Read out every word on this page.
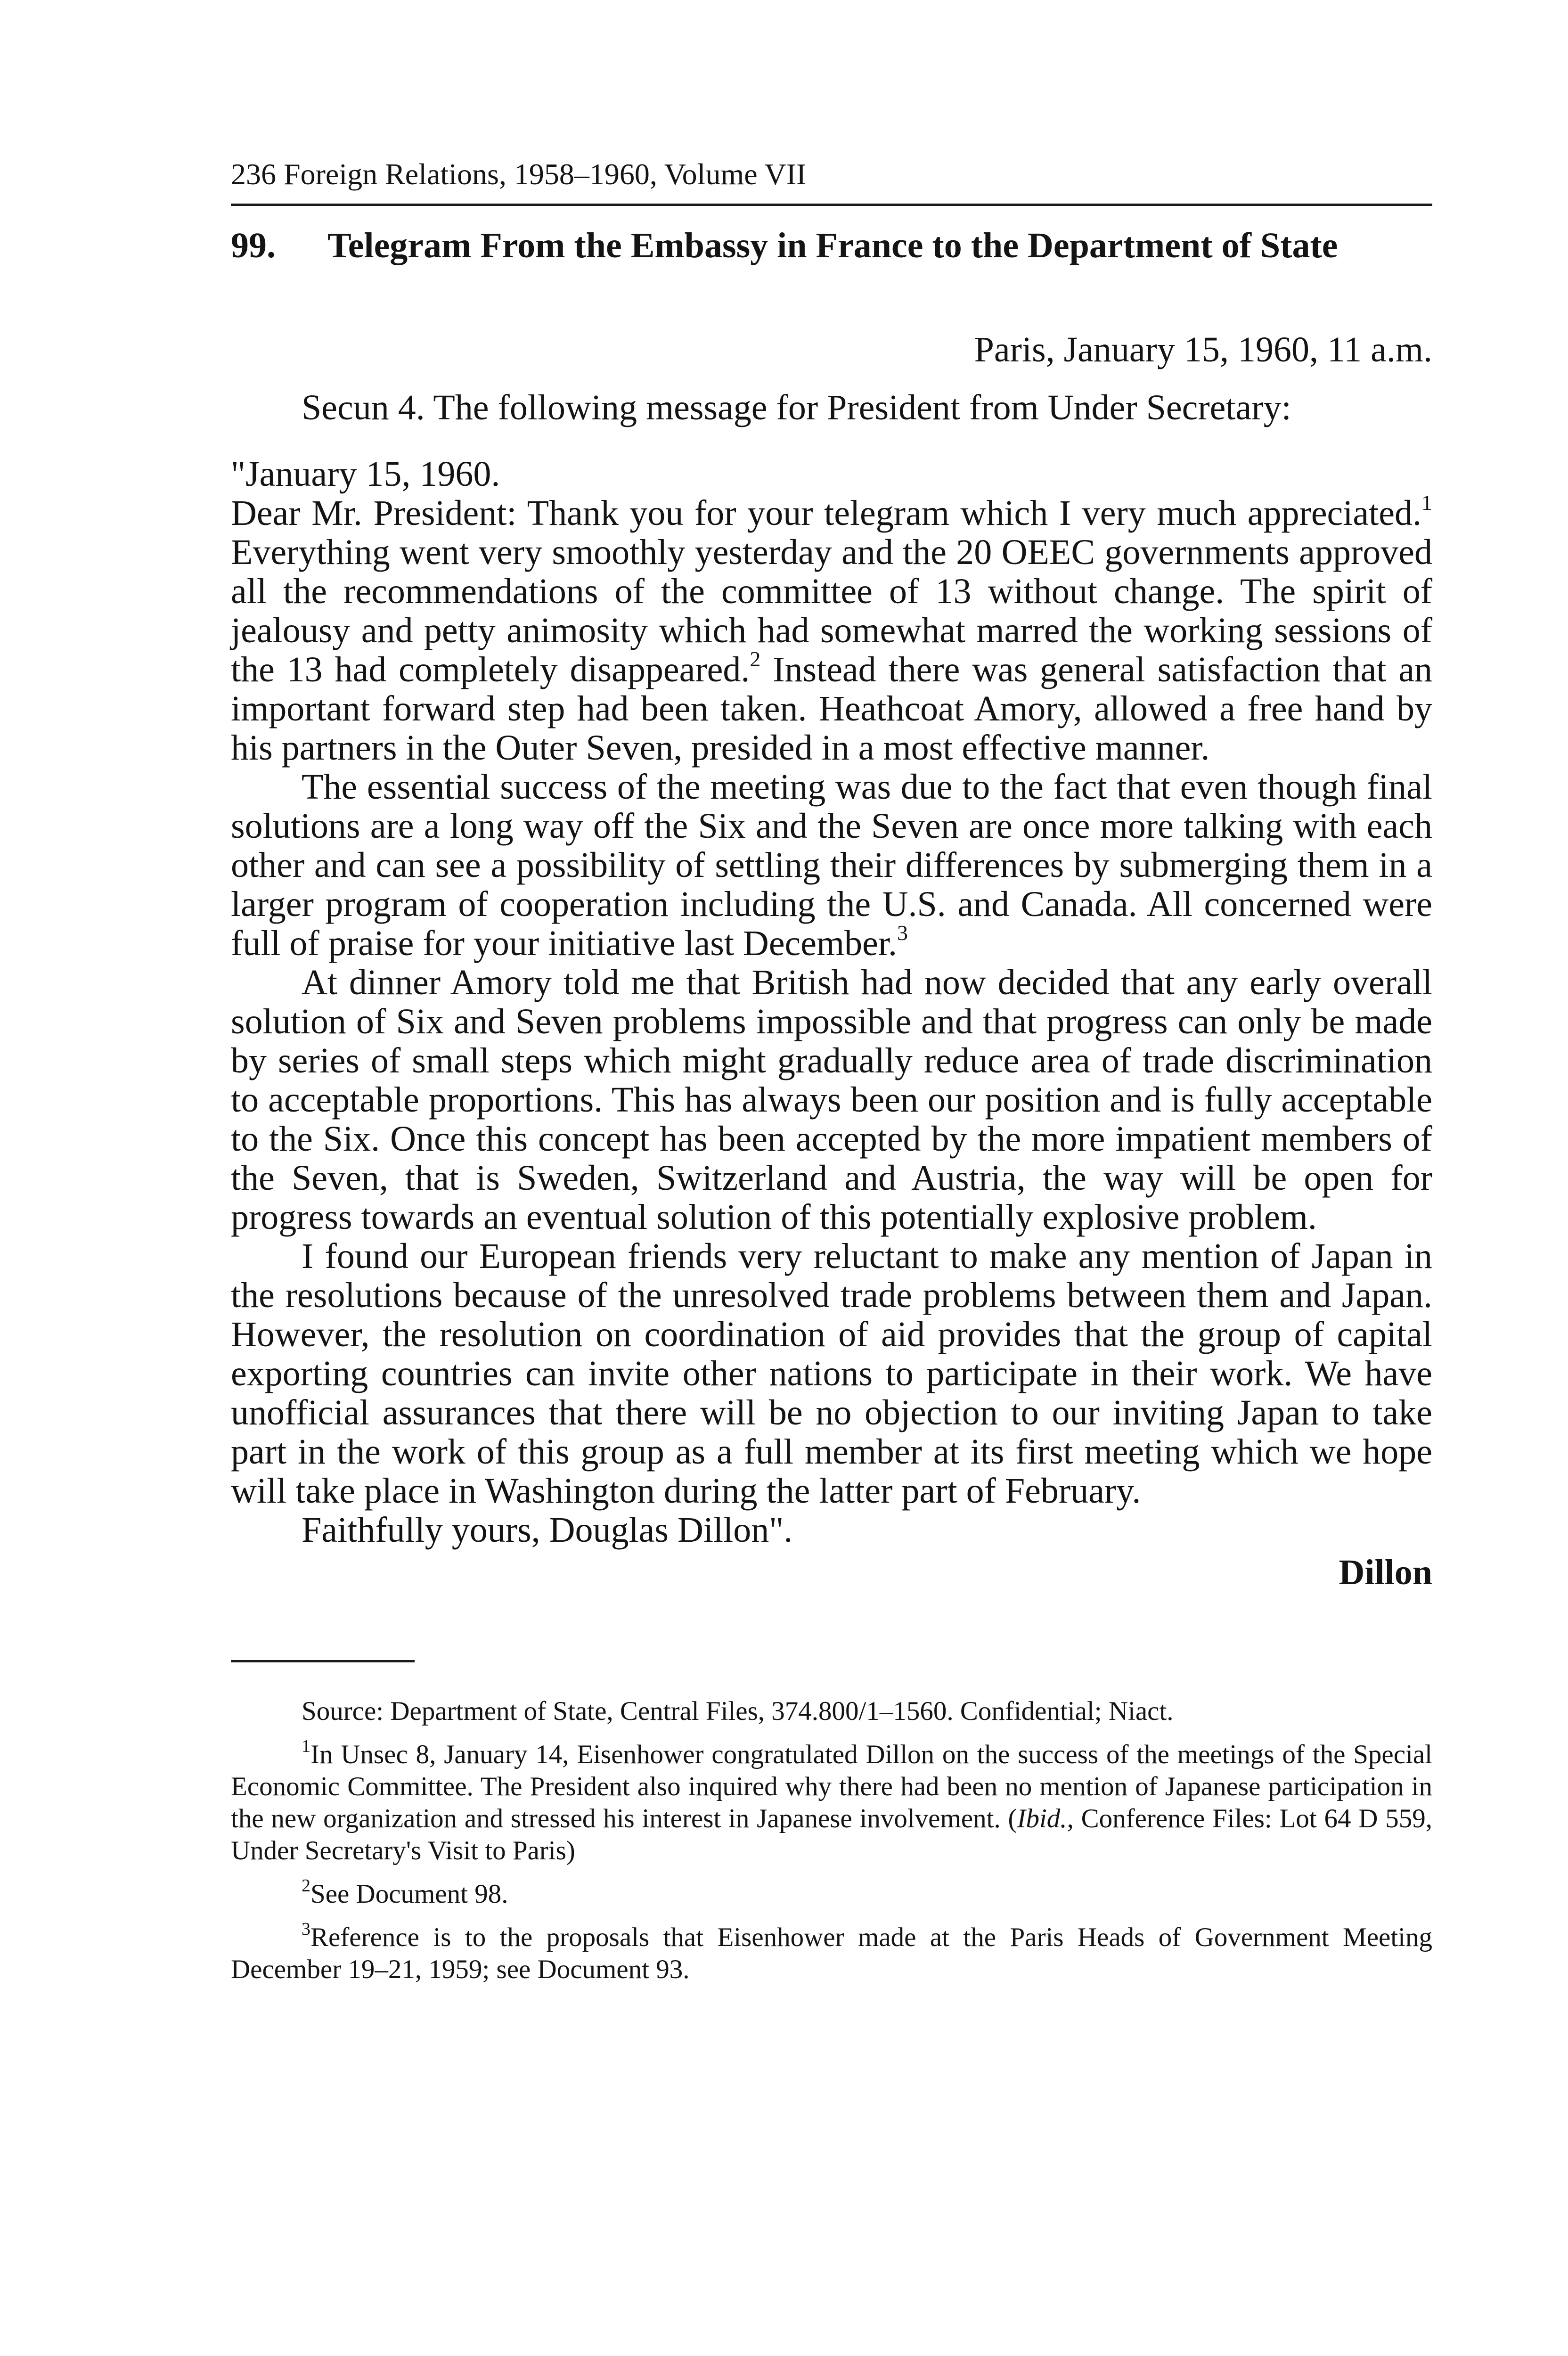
236 Foreign Relations, 1958–1960, Volume VII
99.	Telegram From the Embassy in France to the Department of State
Paris, January 15, 1960, 11 a.m.

Secun 4. The following message for President from Under Secretary:

"January 15, 1960.

Dear Mr. President: Thank you for your telegram which I very much appreciated.$^1$ Everything went very smoothly yesterday and the 20 OEEC governments approved all the recommendations of the committee of 13 without change. The spirit of jealousy and petty animosity which had somewhat marred the working sessions of the 13 had completely disappeared.$^2$ Instead there was general satisfaction that an important forward step had been taken. Heathcoat Amory, allowed a free hand by his partners in the Outer Seven, presided in a most effective manner.

The essential success of the meeting was due to the fact that even though final solutions are a long way off the Six and the Seven are once more talking with each other and can see a possibility of settling their differences by submerging them in a larger program of cooperation including the U.S. and Canada. All concerned were full of praise for your initiative last December.$^3$

At dinner Amory told me that British had now decided that any early overall solution of Six and Seven problems impossible and that progress can only be made by series of small steps which might gradually reduce area of trade discrimination to acceptable proportions. This has always been our position and is fully acceptable to the Six. Once this concept has been accepted by the more impatient members of the Seven, that is Sweden, Switzerland and Austria, the way will be open for progress towards an eventual solution of this potentially explosive problem.

I found our European friends very reluctant to make any mention of Japan in the resolutions because of the unresolved trade problems between them and Japan. However, the resolution on coordination of aid provides that the group of capital exporting countries can invite other nations to participate in their work. We have unofficial assurances that there will be no objection to our inviting Japan to take part in the work of this group as a full member at its first meeting which we hope will take place in Washington during the latter part of February.

Faithfully yours, Douglas Dillon".

Dillon

Source: Department of State, Central Files, 374.800/1–1560. Confidential; Niact.

$^1$In Unsec 8, January 14, Eisenhower congratulated Dillon on the success of the meetings of the Special Economic Committee. The President also inquired why there had been no mention of Japanese participation in the new organization and stressed his interest in Japanese involvement. (Ibid., Conference Files: Lot 64 D 559, Under Secretary's Visit to Paris)

$^2$See Document 98.

$^3$Reference is to the proposals that Eisenhower made at the Paris Heads of Government Meeting December 19–21, 1959; see Document 93.
